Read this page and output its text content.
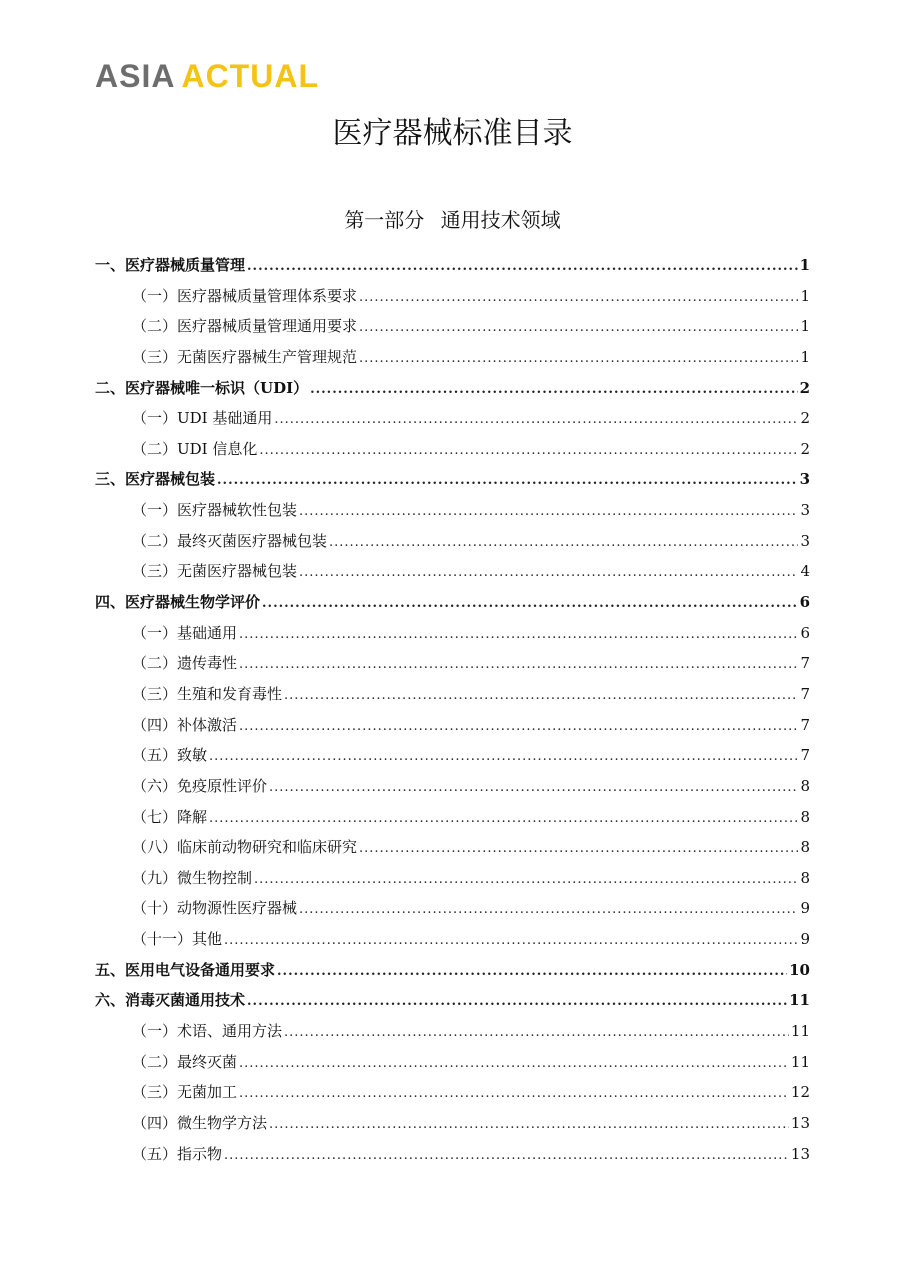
ASIA ACTUAL
医疗器械标准目录
第一部分 通用技术领域
一、医疗器械质量管理 .....	1
（一）医疗器械质量管理体系要求 .....	1
（二）医疗器械质量管理通用要求 .....	1
（三）无菌医疗器械生产管理规范 .....	1
二、医疗器械唯一标识（UDI） .....	2
（一）UDI 基础通用 .....	2
（二）UDI 信息化 .....	2
三、医疗器械包装 .....	3
（一）医疗器械软性包装 .....	3
（二）最终灭菌医疗器械包装 .....	3
（三）无菌医疗器械包装 .....	4
四、医疗器械生物学评价 .....	6
（一）基础通用 .....	6
（二）遗传毒性 .....	7
（三）生殖和发育毒性 .....	7
（四）补体激活 .....	7
（五）致敏 .....	7
（六）免疫原性评价 .....	8
（七）降解 .....	8
（八）临床前动物研究和临床研究 .....	8
（九）微生物控制 .....	8
（十）动物源性医疗器械 .....	9
（十一）其他 .....	9
五、医用电气设备通用要求 .....	10
六、消毒灭菌通用技术 .....	11
（一）术语、通用方法 .....	11
（二）最终灭菌 .....	11
（三）无菌加工 .....	12
（四）微生物学方法 .....	13
（五）指示物 .....	13
